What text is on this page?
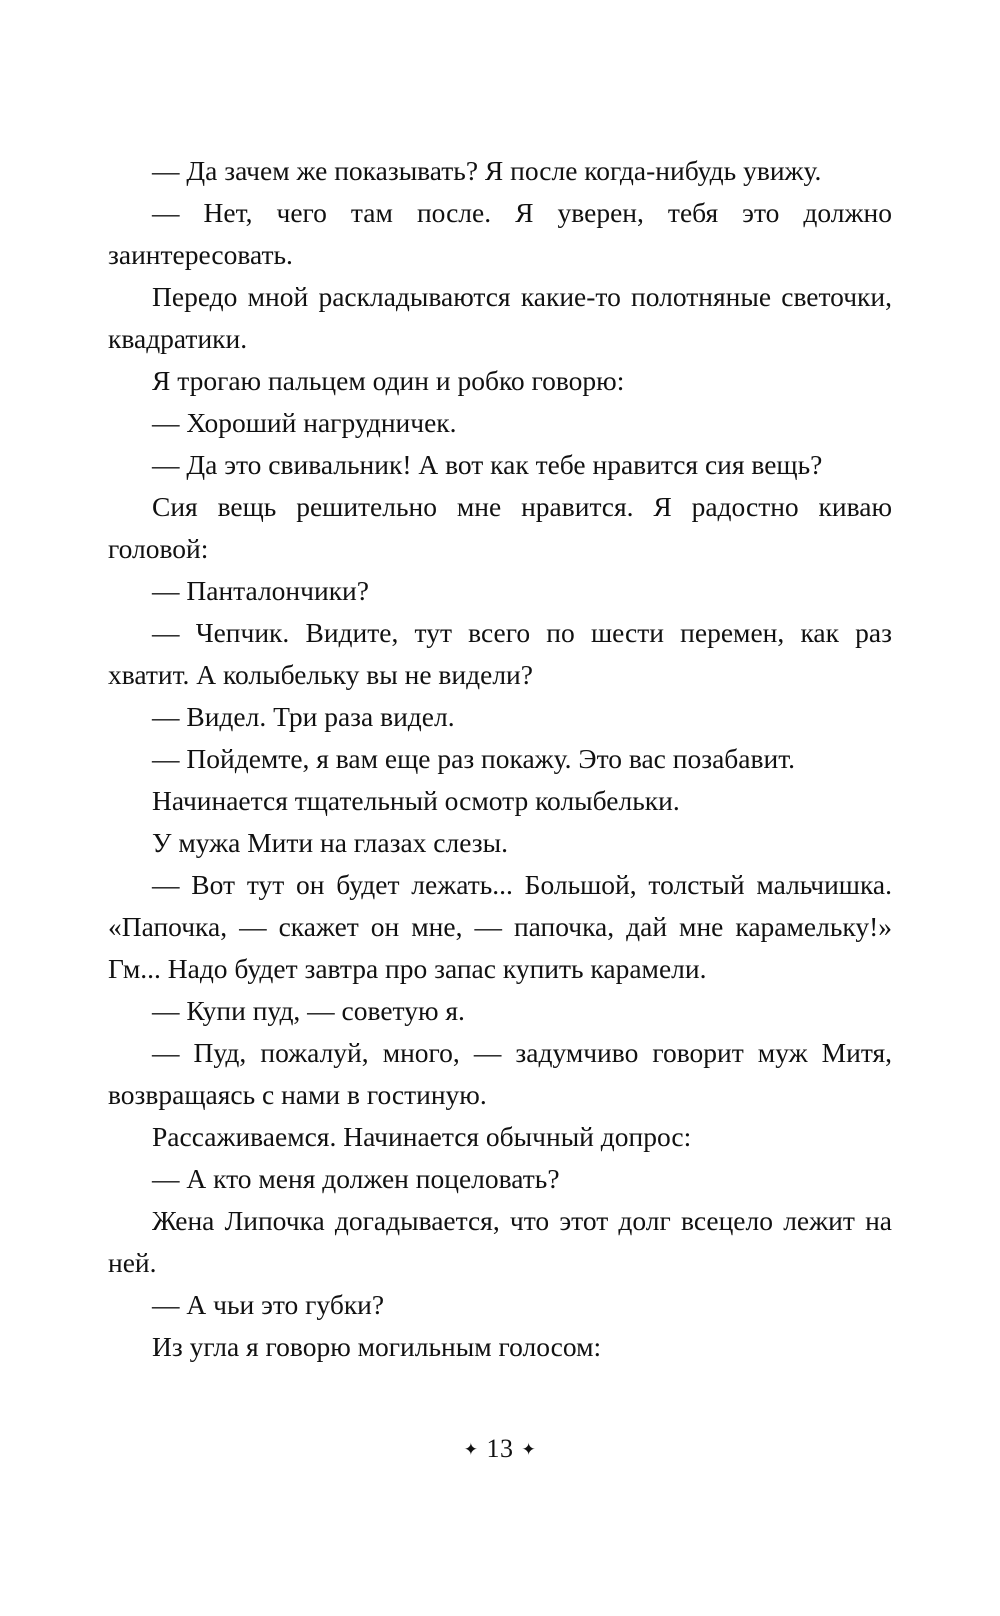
— Да зачем же показывать? Я после когда-нибудь увижу.

— Нет, чего там после. Я уверен, тебя это должно заинтересовать.

Передо мной раскладываются какие-то полотняные светочки, квадратики.

Я трогаю пальцем один и робко говорю:

— Хороший нагрудничек.

— Да это свивальник! А вот как тебе нравится сия вещь?

Сия вещь решительно мне нравится. Я радостно киваю головой:

— Панталончики?

— Чепчик. Видите, тут всего по шести перемен, как раз хватит. А колыбельку вы не видели?

— Видел. Три раза видел.

— Пойдемте, я вам еще раз покажу. Это вас позабавит.

Начинается тщательный осмотр колыбельки.

У мужа Мити на глазах слезы.

— Вот тут он будет лежать... Большой, толстый мальчишка. «Папочка, — скажет он мне, — папочка, дай мне карамельку!» Гм... Надо будет завтра про запас купить карамели.

— Купи пуд, — советую я.

— Пуд, пожалуй, много, — задумчиво говорит муж Митя, возвращаясь с нами в гостиную.

Рассаживаемся. Начинается обычный допрос:

— А кто меня должен поцеловать?

Жена Липочка догадывается, что этот долг всецело лежит на ней.

— А чьи это губки?

Из угла я говорю могильным голосом:

✦ 13 ✦
